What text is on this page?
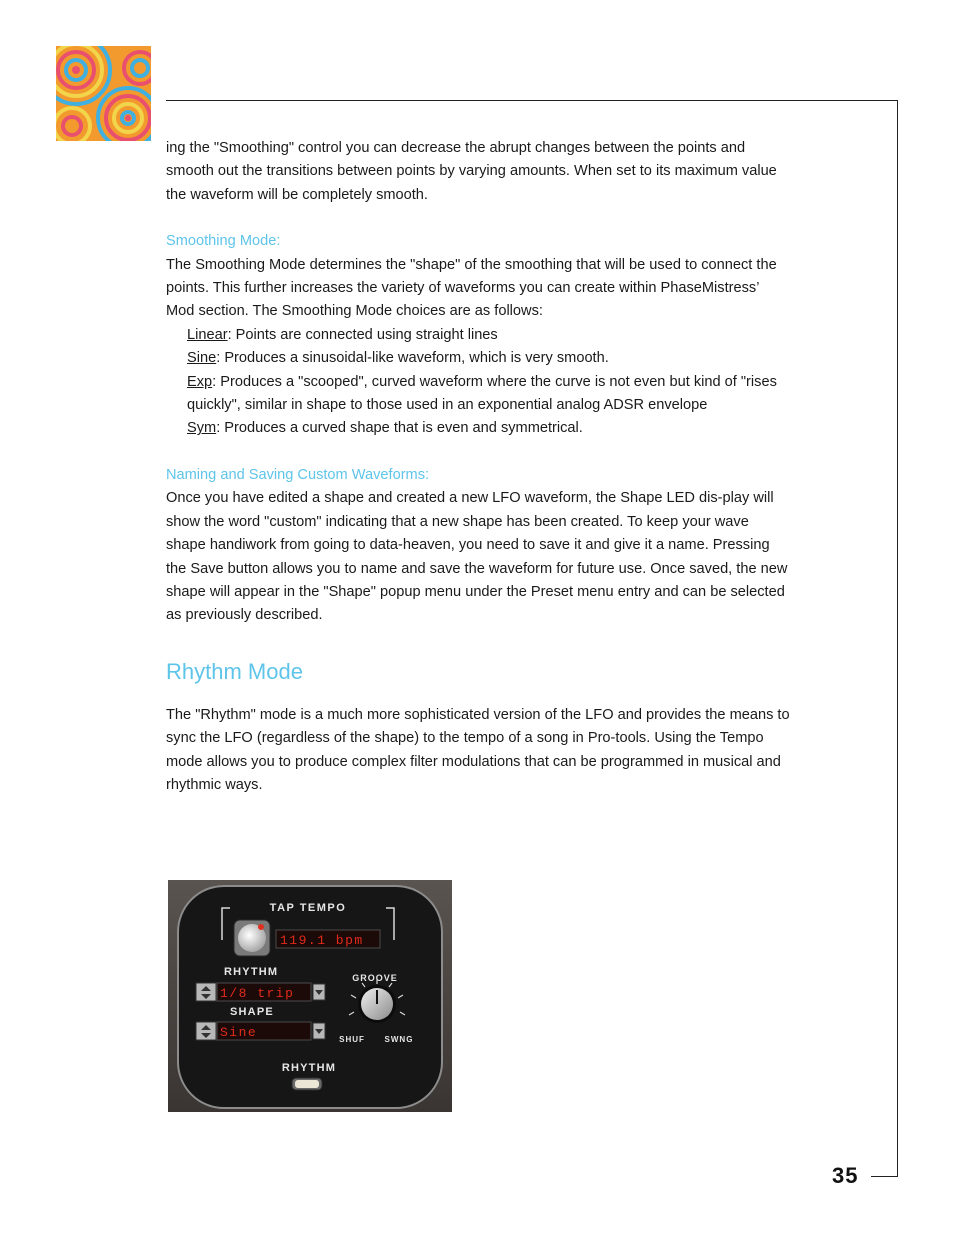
35

ing the "Smoothing" control you can decrease the abrupt changes between the points and smooth out the transitions between points by varying amounts. When set to its maximum value the waveform will be completely smooth.

Smoothing Mode:

The Smoothing Mode determines the "shape" of the smoothing that will be used to connect the points. This further increases the variety of waveforms you can create within PhaseMistress’ Mod section. The Smoothing Mode choices are as follows:

Linear: Points are connected using straight lines

Sine: Produces a sinusoidal-like waveform, which is very smooth.

Exp: Produces a "scooped", curved waveform where the curve is not even but kind of "rises quickly", similar in shape to those used in an exponential analog ADSR envelope

Sym: Produces a curved shape that is even and symmetrical.

Naming and Saving Custom Waveforms:

Once you have edited a shape and created a new LFO waveform, the Shape LED dis-play will show the word "custom" indicating that a new shape has been created. To keep your wave shape handiwork from going to data-heaven, you need to save it and give it a name. Pressing the Save button allows you to name and save the waveform for future use. Once saved, the new shape will appear in the "Shape" popup menu under the Preset menu entry and can be selected as previously described.

Rhythm Mode

The "Rhythm" mode is a much more sophisticated version of the LFO and provides the means to sync the LFO (regardless of the shape) to the tempo of a song in Pro-tools. Using the Tempo mode allows you to produce complex filter modulations that can be programmed in musical and rhythmic ways.

TAP TEMPO
119.1 bpm
RHYTHM
1/8 trip
SHAPE
Sine
GROOVE
SHUF SWNG
RHYTHM
